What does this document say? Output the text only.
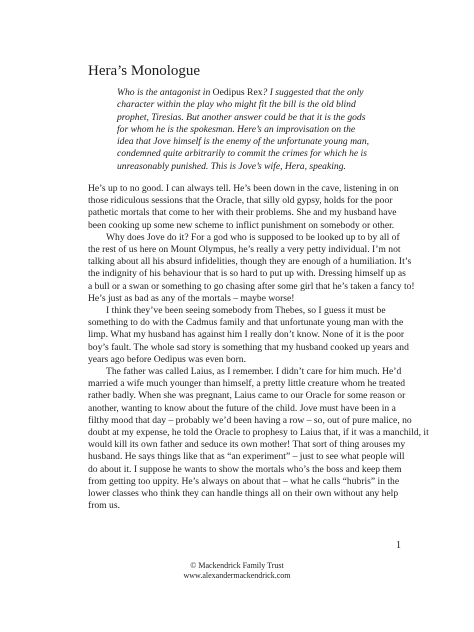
Hera’s Monologue
Who is the antagonist in Oedipus Rex? I suggested that the only
character within the play who might fit the bill is the old blind
prophet, Tiresias. But another answer could be that it is the gods
for whom he is the spokesman. Here’s an improvisation on the
idea that Jove himself is the enemy of the unfortunate young man,
condemned quite arbitrarily to commit the crimes for which he is
unreasonably punished. This is Jove’s wife, Hera, speaking.
He’s up to no good. I can always tell. He’s been down in the cave, listening in on
those ridiculous sessions that the Oracle, that silly old gypsy, holds for the poor
pathetic mortals that come to her with their problems. She and my husband have
been cooking up some new scheme to inflict punishment on somebody or other.
Why does Jove do it? For a god who is supposed to be looked up to by all of
the rest of us here on Mount Olympus, he’s really a very petty individual. I’m not
talking about all his absurd infidelities, though they are enough of a humiliation. It’s
the indignity of his behaviour that is so hard to put up with. Dressing himself up as
a bull or a swan or something to go chasing after some girl that he’s taken a fancy to!
He’s just as bad as any of the mortals – maybe worse!
I think they’ve been seeing somebody from Thebes, so I guess it must be
something to do with the Cadmus family and that unfortunate young man with the
limp. What my husband has against him I really don’t know. None of it is the poor
boy’s fault. The whole sad story is something that my husband cooked up years and
years ago before Oedipus was even born.
The father was called Laius, as I remember. I didn’t care for him much. He’d
married a wife much younger than himself, a pretty little creature whom he treated
rather badly. When she was pregnant, Laius came to our Oracle for some reason or
another, wanting to know about the future of the child. Jove must have been in a
filthy mood that day – probably we’d been having a row – so, out of pure malice, no
doubt at my expense, he told the Oracle to prophesy to Laius that, if it was a manchild, it
would kill its own father and seduce its own mother! That sort of thing arouses my
husband. He says things like that as “an experiment” – just to see what people will
do about it. I suppose he wants to show the mortals who’s the boss and keep them
from getting too uppity. He’s always on about that – what he calls “hubris” in the
lower classes who think they can handle things all on their own without any help
from us.
1
© Mackendrick Family Trust
www.alexandermackendrick.com
